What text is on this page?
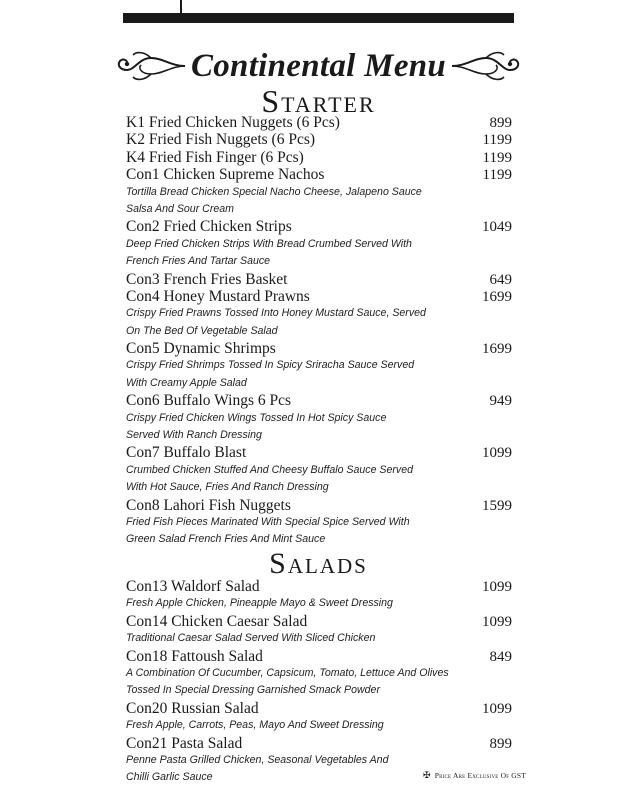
Continental Menu
Starter
K1 Fried Chicken Nuggets (6 Pcs)	899
K2 Fried Fish Nuggets (6 Pcs)	1199
K4 Fried Fish Finger (6 Pcs)	1199
Con1 Chicken Supreme Nachos	1199
Tortilla Bread Chicken Special Nacho Cheese, Jalapeno Sauce
Salsa And Sour Cream
Con2 Fried Chicken Strips	1049
Deep Fried Chicken Strips With Bread Crumbed Served With
French Fries And Tartar Sauce
Con3 French Fries Basket	649
Con4 Honey Mustard Prawns	1699
Crispy Fried Prawns Tossed Into Honey Mustard Sauce, Served
On The Bed Of Vegetable Salad
Con5 Dynamic Shrimps	1699
Crispy Fried Shrimps Tossed In Spicy Sriracha Sauce Served
With Creamy Apple Salad
Con6 Buffalo Wings 6 Pcs	949
Crispy Fried Chicken Wings Tossed In Hot Spicy Sauce
Served With Ranch Dressing
Con7 Buffalo Blast	1099
Crumbed Chicken Stuffed And Cheesy Buffalo Sauce Served
With Hot Sauce, Fries And Ranch Dressing
Con8 Lahori Fish Nuggets	1599
Fried Fish Pieces Marinated With Special Spice Served With
Green Salad French Fries And Mint Sauce
Salads
Con13 Waldorf Salad	1099
Fresh Apple Chicken, Pineapple Mayo & Sweet Dressing
Con14 Chicken Caesar Salad	1099
Traditional Caesar Salad Served With Sliced Chicken
Con18 Fattoush Salad	849
A Combination Of Cucumber, Capsicum, Tomato, Lettuce And Olives
Tossed In Special Dressing Garnished Smack Powder
Con20 Russian Salad	1099
Fresh Apple, Carrots, Peas, Mayo And Sweet Dressing
Con21 Pasta Salad	899
Penne Pasta Grilled Chicken, Seasonal Vegetables And
Chilli Garlic Sauce	✠ Price Are Exclusive Of GST
